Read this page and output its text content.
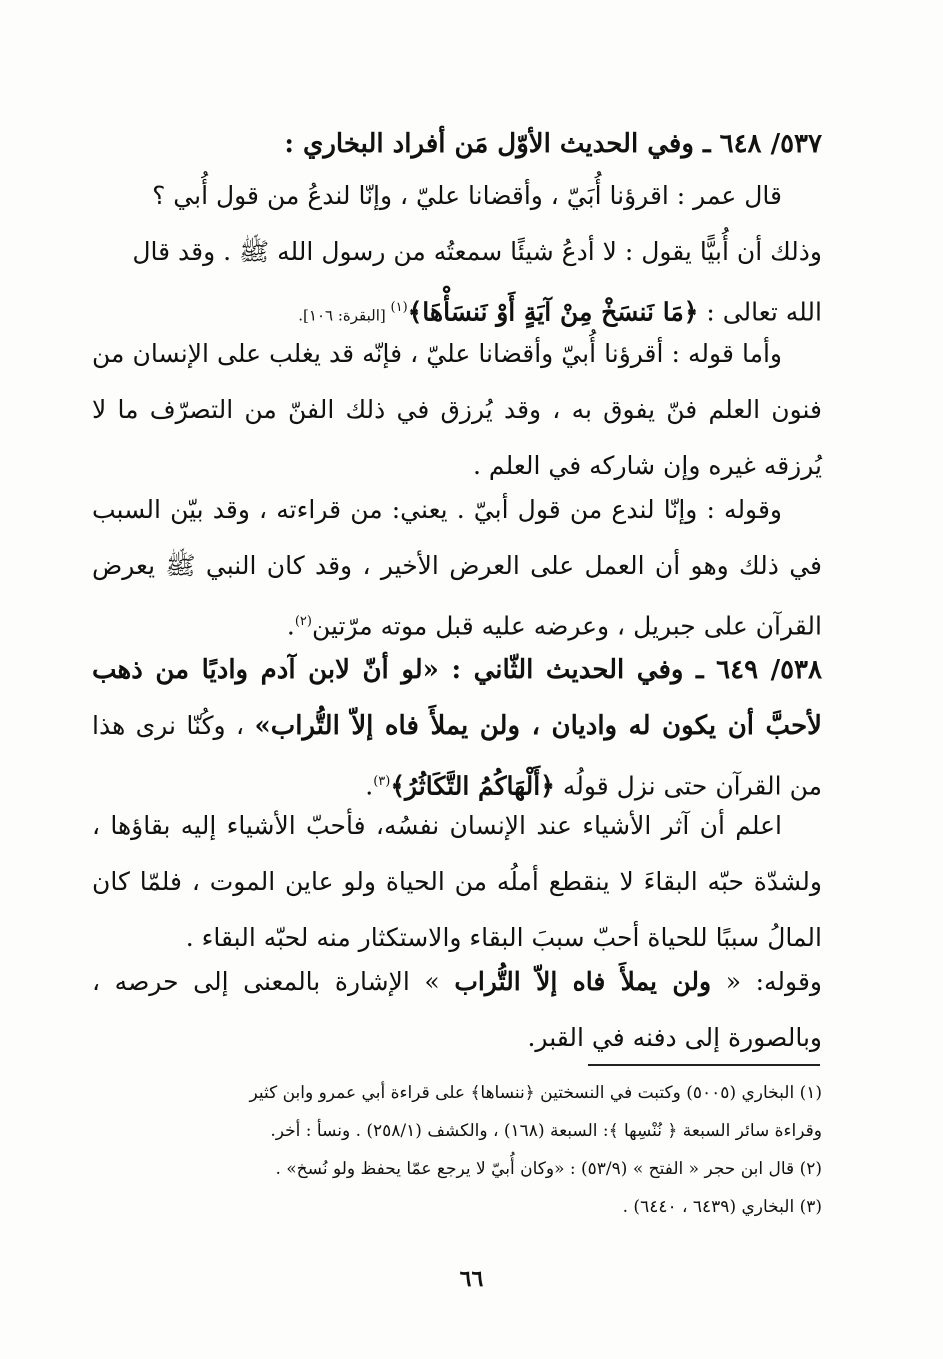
٥٣٧/ ٦٤٨ ـ وفي الحديث الأوّل مَن أفراد البخاري :
قال عمر : اقرؤنا أُبَيّ ، وأقضانا عليّ ، وإنّا لندعُ من قول أُبي ؟
وذلك أن أُبيًّا يقول : لا أدعُ شيئًا سمعتُه من رسول الله ﷺ . وقد قال
الله تعالى : ﴿مَا نَنسَخْ مِنْ آيَةٍ أَوْ نَنسَأْهَا﴾$^{(١)}$ [البقرة: ١٠٦].
وأما قوله : أقرؤنا أُبيّ وأقضانا عليّ ، فإنّه قد يغلب على الإنسان من فنون العلم فنّ يفوق به ، وقد يُرزق في ذلك الفنّ من التصرّف ما لا يُرزقه غيره وإن شاركه في العلم .
وقوله : وإنّا لندع من قول أبيّ . يعني: من قراءته ، وقد بيّن السبب في ذلك وهو أن العمل على العرض الأخير ، وقد كان النبي ﷺ يعرض القرآن على جبريل ، وعرضه عليه قبل موته مرّتين$^{(٢)}$.
٥٣٨/ ٦٤٩ ـ وفي الحديث الثّاني : «لو أنّ لابن آدم واديًا من ذهب لأحبَّ أن يكون له واديان ، ولن يملأَ فاه إلاّ التُّراب» ، وكُنّا نرى هذا من القرآن حتى نزل قولُه ﴿أَلْهَاكُمُ التَّكَاثُرُ﴾$^{(٣)}$.
اعلم أن آثر الأشياء عند الإنسان نفسُه، فأحبّ الأشياء إليه بقاؤها ، ولشدّة حبّه البقاءَ لا ينقطع أملُه من الحياة ولو عاين الموت ، فلمّا كان المالُ سببًا للحياة أحبّ سببَ البقاء والاستكثار منه لحبّه البقاء .
وقوله: « ولن يملأَ فاه إلاّ التُّراب » الإشارة بالمعنى إلى حرصه ، وبالصورة إلى دفنه في القبر.
(١) البخاري (٥٠٠٥) وكتبت في النسختين ﴿ننساها﴾ على قراءة أبي عمرو وابن كثير
وقراءة سائر السبعة ﴿ نُنْسِها ﴾: السبعة (١٦٨) ، والكشف (٢٥٨/١) . ونسأ : أخر.
(٢) قال ابن حجر « الفتح » (٥٣/٩) : «وكان أُبيّ لا يرجع عمّا يحفظ ولو نُسخ» .
(٣) البخاري (٦٤٣٩ ، ٦٤٤٠) .
٦٦
